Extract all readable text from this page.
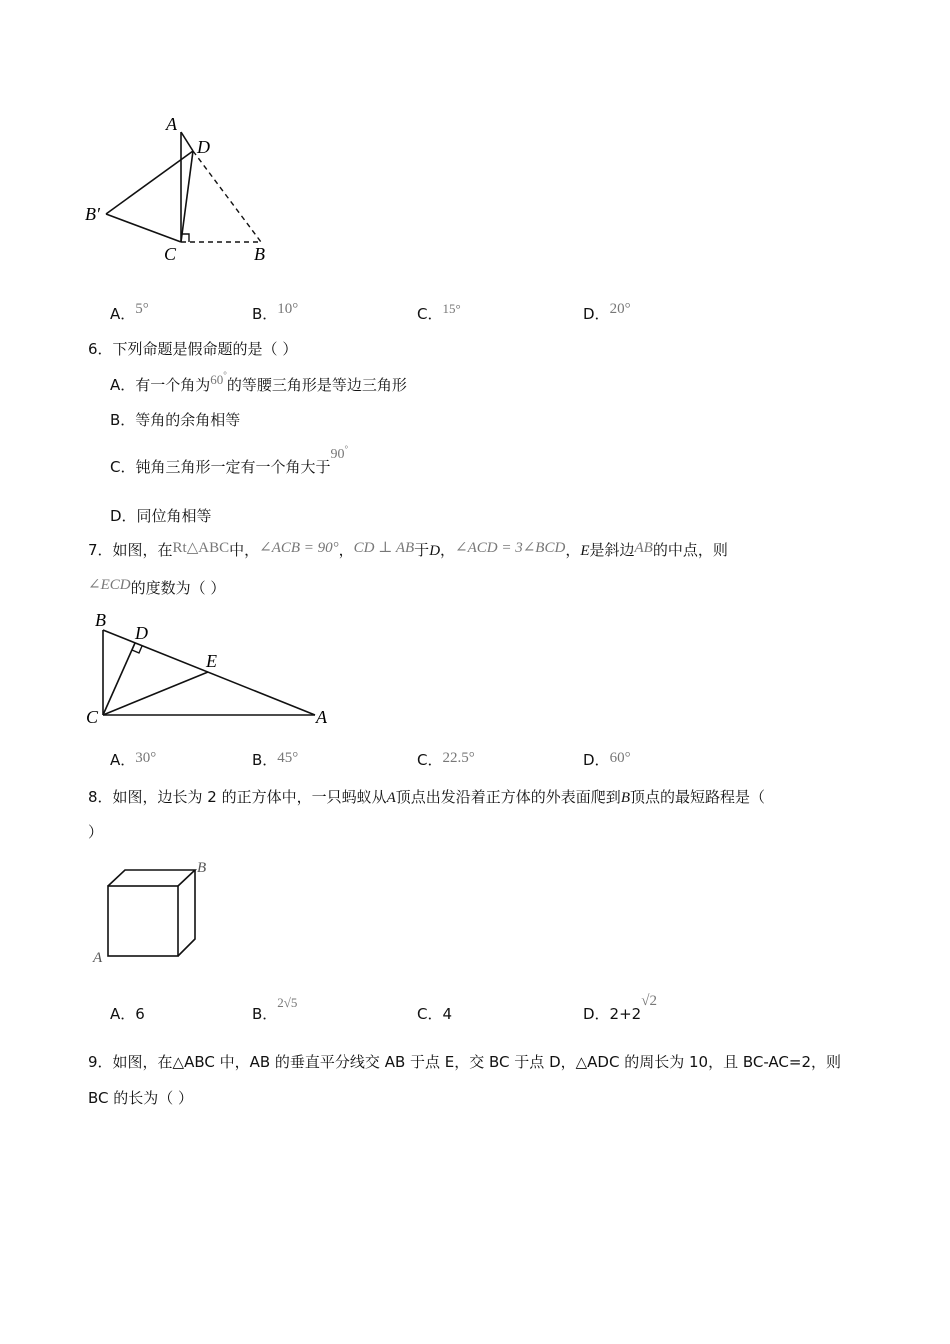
A
D
B′
C	B
A．5°	B．10°	C．15°	D．20°
6．下列命题是假命题的是（ ）
A．有一个角为60°的等腰三角形是等边三角形
B．等角的余角相等
C．钝角三角形一定有一个角大于90°
D．同位角相等
7．如图，在Rt△ABC中，∠ACB = 90°，CD ⊥ AB于D，∠ACD = 3∠BCD，E是斜边AB的中点，则
∠ECD的度数为（ ）
B
D
E
C	A
A．30°	B．45°	C．22.5°	D．60°
8．如图，边长为 2 的正方体中，一只蚂蚁从A顶点出发沿着正方体的外表面爬到B顶点的最短路程是（
）
B
A
A．6	B．2√5
C．4	D．2+2√2
9．如图，在△ABC 中，AB 的垂直平分线交 AB 于点 E，交 BC 于点 D，△ADC 的周长为 10，且 BC-AC=2，则
BC 的长为（ ）
